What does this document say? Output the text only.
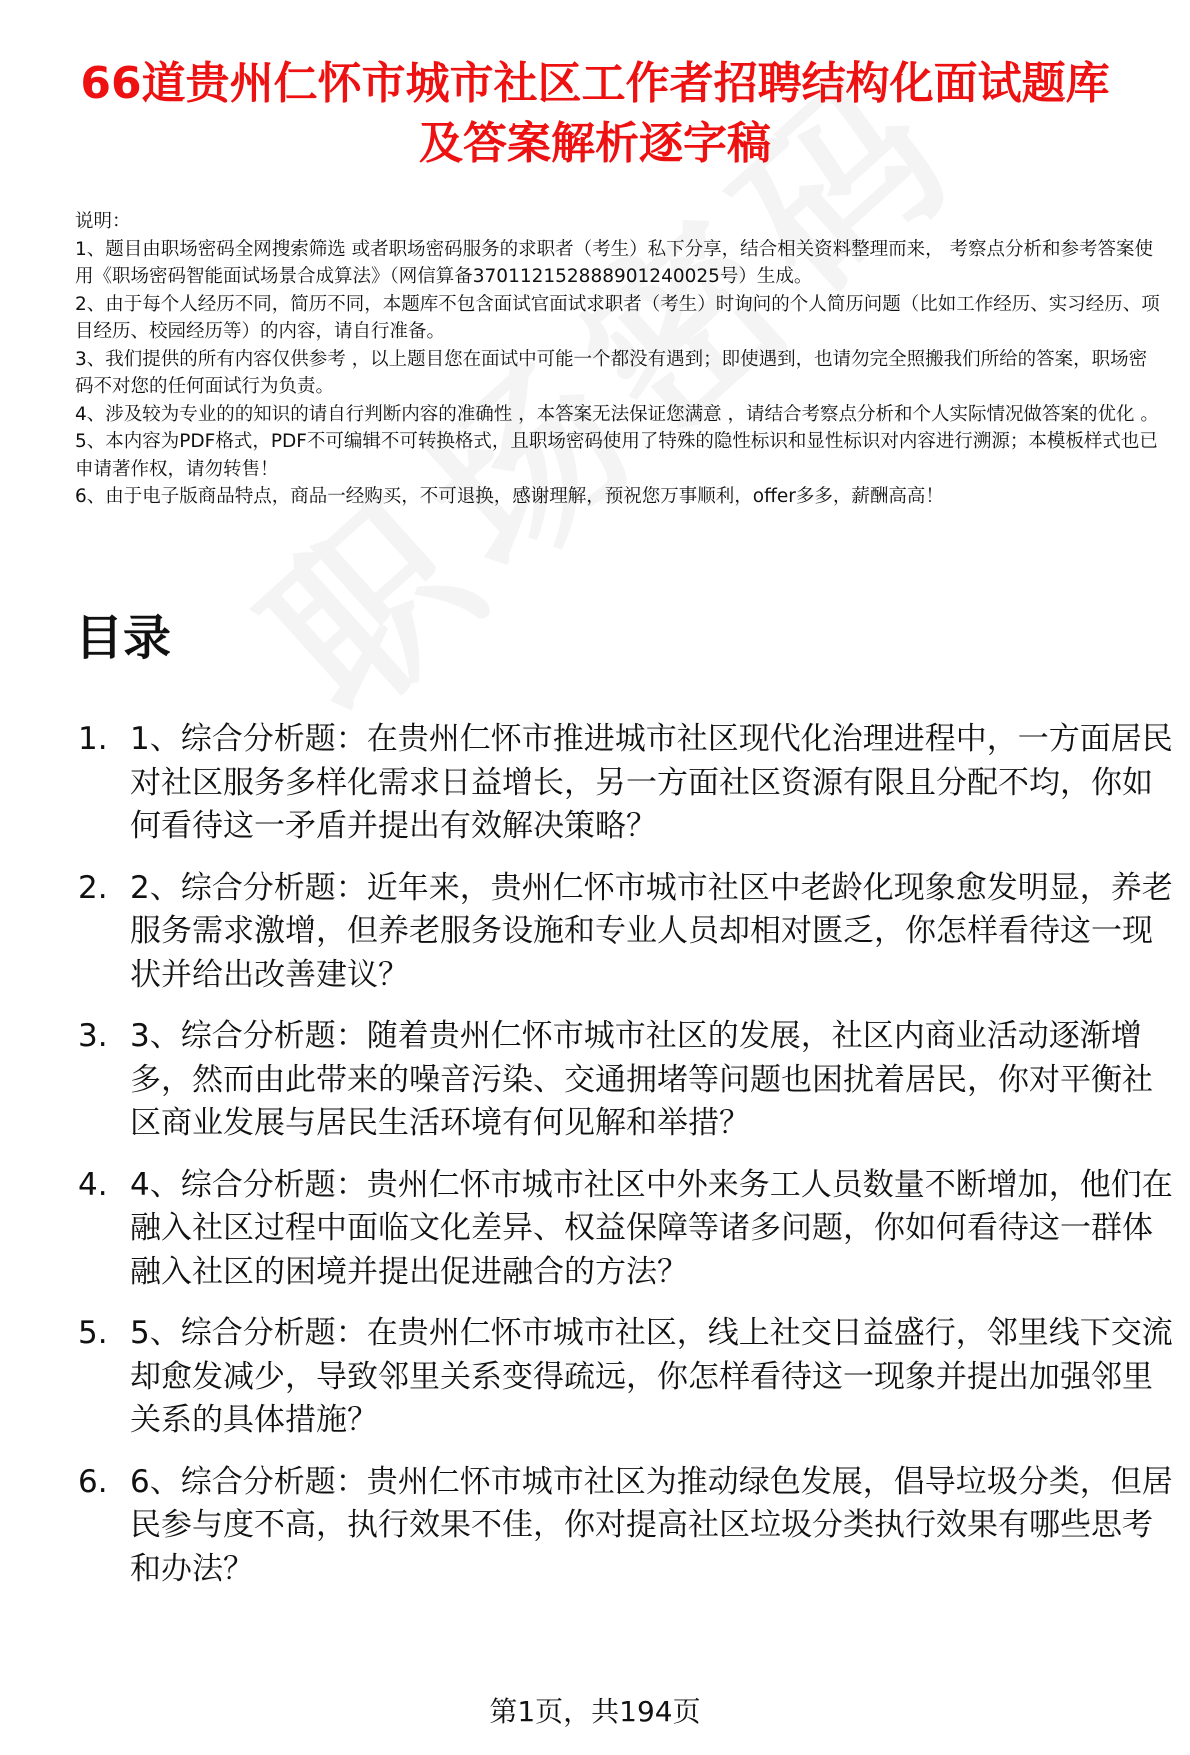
66道贵州仁怀市城市社区工作者招聘结构化面试题库及答案解析逐字稿

说明：

1、题目由职场密码全网搜索筛选 或者职场密码服务的求职者（考生）私下分享，结合相关资料整理而来， 考察点分析和参考答案使用《职场密码智能面试场景合成算法》（网信算备370112152888901240025号）生成。

2、由于每个人经历不同，简历不同，本题库不包含面试官面试求职者（考生）时询问的个人简历问题（比如工作经历、实习经历、项目经历、校园经历等）的内容，请自行准备。

3、我们提供的所有内容仅供参考 ，以上题目您在面试中可能一个都没有遇到；即使遇到，也请勿完全照搬我们所给的答案，职场密码不对您的任何面试行为负责。

4、涉及较为专业的的知识的请自行判断内容的准确性 ，本答案无法保证您满意 ，请结合考察点分析和个人实际情况做答案的优化 。

5、本内容为PDF格式，PDF不可编辑不可转换格式，且职场密码使用了特殊的隐性标识和显性标识对内容进行溯源；本模板样式也已申请著作权，请勿转售！

6、由于电子版商品特点，商品一经购买，不可退换，感谢理解，预祝您万事顺利，offer多多，薪酬高高！

目录
1. 1、综合分析题：在贵州仁怀市推进城市社区现代化治理进程中，一方面居民对社区服务多样化需求日益增长，另一方面社区资源有限且分配不均，你如何看待这一矛盾并提出有效解决策略？
2. 2、综合分析题：近年来，贵州仁怀市城市社区中老龄化现象愈发明显，养老服务需求激增，但养老服务设施和专业人员却相对匮乏，你怎样看待这一现状并给出改善建议？
3. 3、综合分析题：随着贵州仁怀市城市社区的发展，社区内商业活动逐渐增多，然而由此带来的噪音污染、交通拥堵等问题也困扰着居民，你对平衡社区商业发展与居民生活环境有何见解和举措？
4. 4、综合分析题：贵州仁怀市城市社区中外来务工人员数量不断增加，他们在融入社区过程中面临文化差异、权益保障等诸多问题，你如何看待这一群体融入社区的困境并提出促进融合的方法？
5. 5、综合分析题：在贵州仁怀市城市社区，线上社交日益盛行，邻里线下交流却愈发减少，导致邻里关系变得疏远，你怎样看待这一现象并提出加强邻里关系的具体措施？
6. 6、综合分析题：贵州仁怀市城市社区为推动绿色发展，倡导垃圾分类，但居民参与度不高，执行效果不佳，你对提高社区垃圾分类执行效果有哪些思考和办法？
第1页，共194页
